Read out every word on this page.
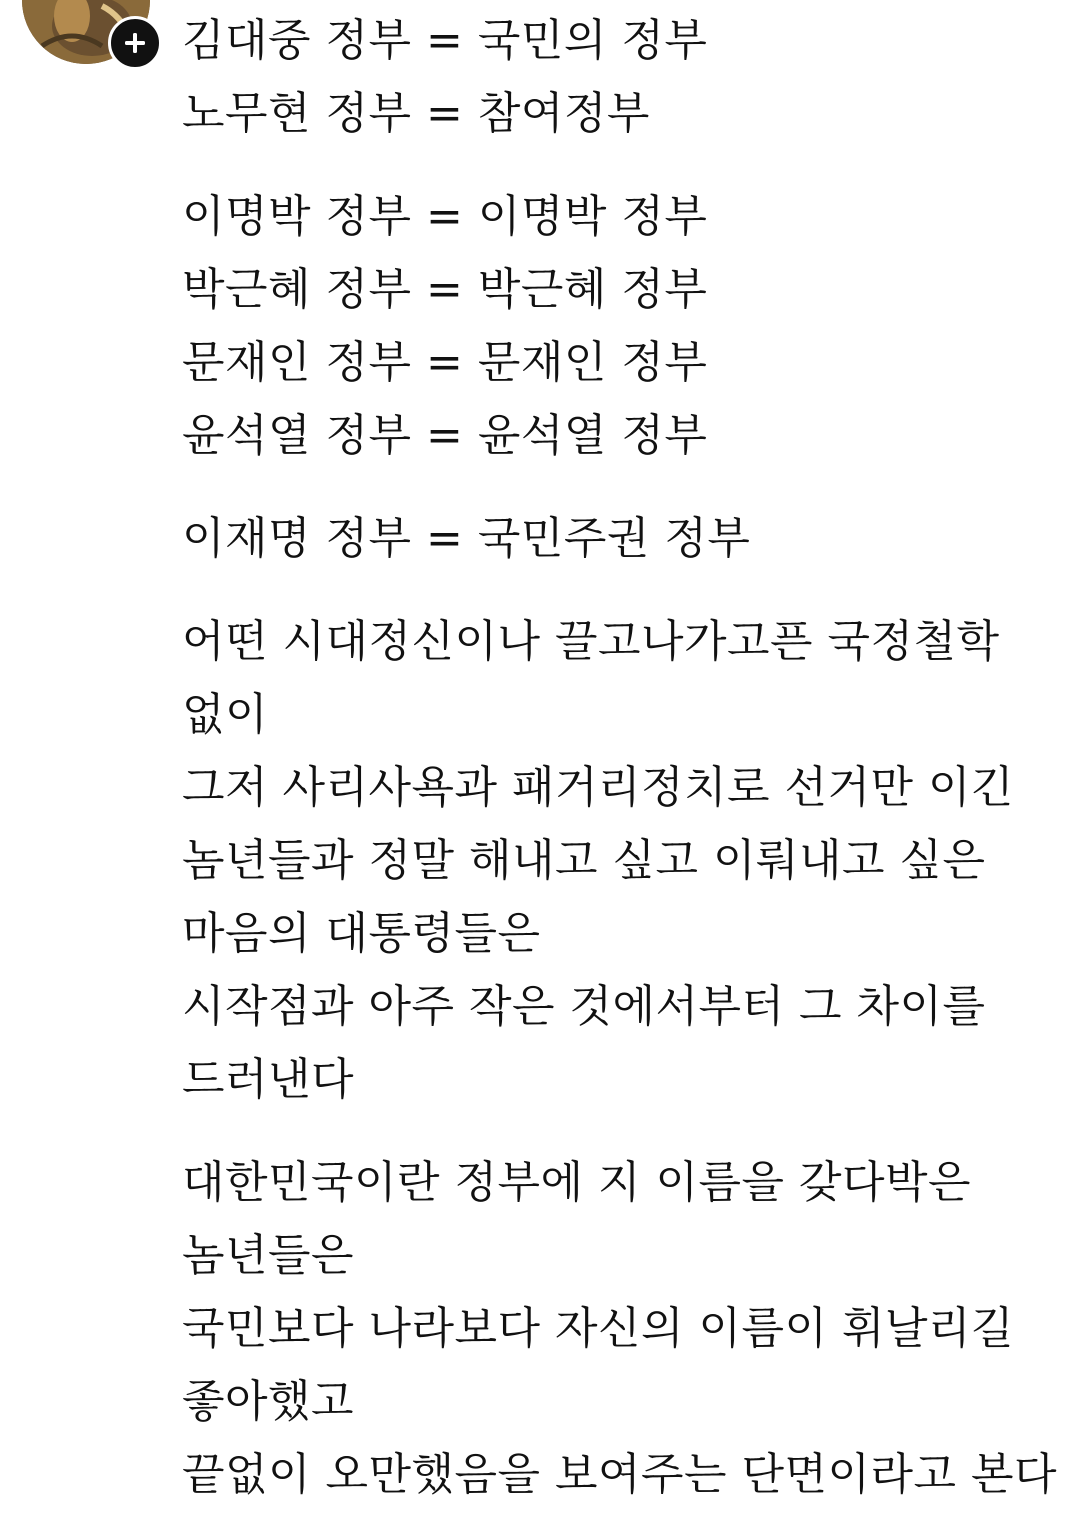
김대중 정부 = 국민의 정부
노무현 정부 = 참여정부
이명박 정부 = 이명박 정부
박근혜 정부 = 박근혜 정부
문재인 정부 = 문재인 정부
윤석열 정부 = 윤석열 정부
이재명 정부 = 국민주권 정부
어떤 시대정신이나 끌고나가고픈 국정철학
없이
그저 사리사욕과 패거리정치로 선거만 이긴
놈년들과 정말 해내고 싶고 이뤄내고 싶은
마음의 대통령들은
시작점과 아주 작은 것에서부터 그 차이를
드러낸다
대한민국이란 정부에 지 이름을 갖다박은
놈년들은
국민보다 나라보다 자신의 이름이 휘날리길
좋아했고
끝없이 오만했음을 보여주는 단면이라고 본다
